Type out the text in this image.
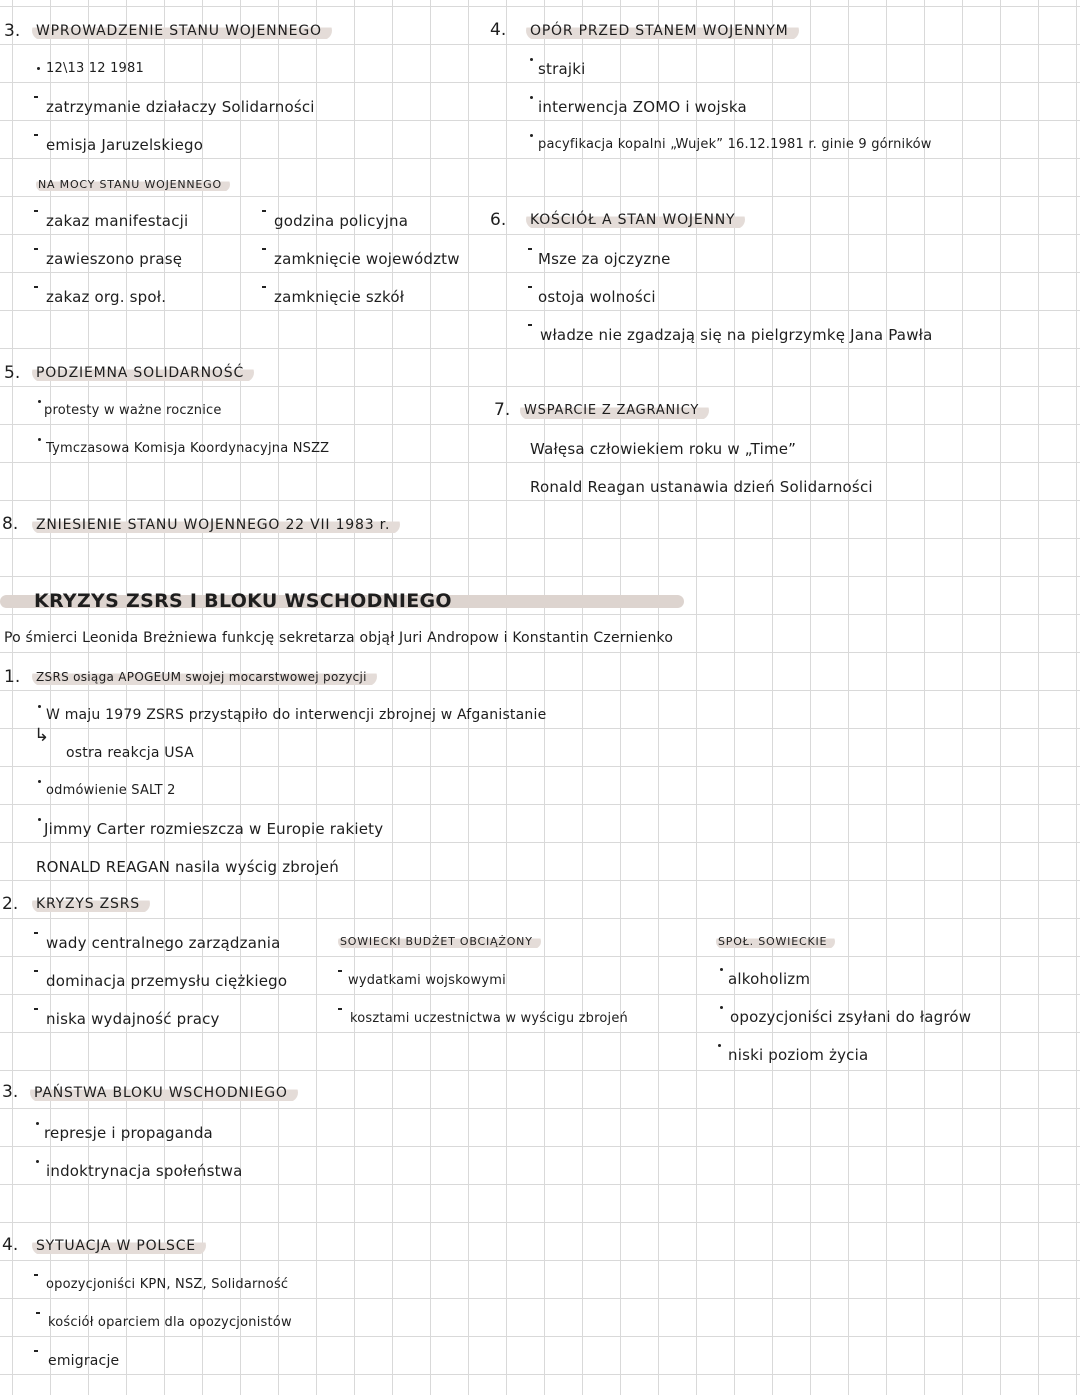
3. WPROWADZENIE STANU WOJENNEGO
12\13 12 1981
zatrzymanie działaczy Solidarności
emisja Jaruzelskiego
NA MOCY STANU WOJENNEGO
zakaz manifestacji
zawieszono prasę
zakaz org. społ.
godzina policyjna
zamknięcie województw
zamknięcie szkół
4. OPÓR PRZED STANEM WOJENNYM
strajki
interwencja ZOMO i wojska
pacyfikacja kopalni „Wujek” 16.12.1981 r. ginie 9 górników
6. KOŚCIÓŁ A STAN WOJENNY
Msze za ojczyzne
ostoja wolności
władze nie zgadzają się na pielgrzymkę Jana Pawła
5. PODZIEMNA SOLIDARNOŚĆ
protesty w ważne rocznice
Tymczasowa Komisja Koordynacyjna NSZZ
7.	WSPARCIE Z ZAGRANICY
Wałęsa człowiekiem roku w „Time”
Ronald Reagan ustanawia dzień Solidarności
8. ZNIESIENIE STANU WOJENNEGO 22 VII 1983 r.
KRYZYS ZSRS I BLOKU WSCHODNIEGO
Po śmierci Leonida Breżniewa funkcję sekretarza objął Juri Andropow i Konstantin Czernienko
1.	ZSRS osiąga APOGEUM swojej mocarstwowej pozycji
W maju 1979 ZSRS przystąpiło do interwencji zbrojnej w Afganistanie
↳
ostra reakcja USA
odmówienie SALT 2
Jimmy Carter rozmieszcza w Europie rakiety
RONALD REAGAN nasila wyścig zbrojeń
2. KRYZYS ZSRS
wady centralnego zarządzania
dominacja przemysłu ciężkiego
niska wydajność pracy
SOWIECKI BUDŻET OBCIĄŻONY
wydatkami wojskowymi
kosztami uczestnictwa w wyścigu zbrojeń
SPOŁ. SOWIECKIE
alkoholizm
opozycjoniści zsyłani do łagrów
niski poziom życia
3. PAŃSTWA BLOKU WSCHODNIEGO
represje i propaganda
indoktrynacja społeństwa
4. SYTUACJA W POLSCE
opozycjoniści KPN, NSZ, Solidarność
kościół oparciem dla opozycjonistów
emigracje
